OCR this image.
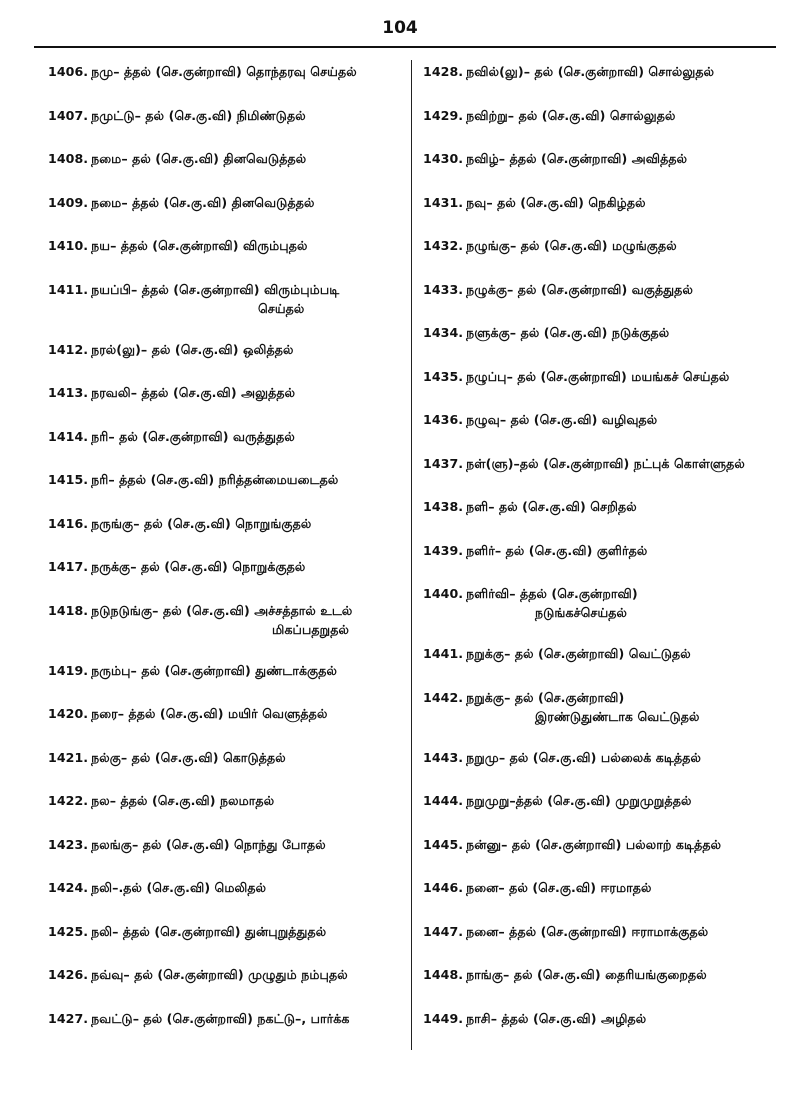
104
1406. நமு– த்தல் (செ.குன்றாவி) தொந்தரவு செய்தல்
1407. நமுட்டு– தல் (செ.கு.வி) நிமிண்டுதல்
1408. நமை– தல் (செ.கு.வி) தினவெடுத்தல்
1409. நமை– த்தல் (செ.கு.வி) தினவெடுத்தல்
1410. நய– த்தல் (செ.குன்றாவி) விரும்புதல்
1411. நயப்பி– த்தல் (செ.குன்றாவி) விரும்பும்படி
செய்தல்
1412. நரல்(லு)– தல் (செ.கு.வி) ஒலித்தல்
1413. நரவலி– த்தல் (செ.கு.வி) அலுத்தல்
1414. நரி– தல் (செ.குன்றாவி) வருத்துதல்
1415. நரி– த்தல் (செ.கு.வி) நரித்தன்மையடைதல்
1416. நருங்கு– தல் (செ.கு.வி) நொறுங்குதல்
1417. நருக்கு– தல் (செ.கு.வி) நொறுக்குதல்
1418. நடுநடுங்கு– தல் (செ.கு.வி) அச்சத்தால் உடல்
மிகப்பதறுதல்
1419. நரும்பு– தல் (செ.குன்றாவி) துண்டாக்குதல்
1420. நரை– த்தல் (செ.கு.வி) மயிர் வெளுத்தல்
1421. நல்கு– தல் (செ.கு.வி) கொடுத்தல்
1422. நல– த்தல் (செ.கு.வி) நலமாதல்
1423. நலங்கு– தல் (செ.கு.வி) நொந்து போதல்
1424. நலி–.தல் (செ.கு.வி) மெலிதல்
1425. நலி– த்தல் (செ.குன்றாவி) துன்புறுத்துதல்
1426. நவ்வு– தல் (செ.குன்றாவி) முழுதும் நம்புதல்
1427. நவட்டு– தல் (செ.குன்றாவி) நகட்டு–, பார்க்க
1428. நவில்(லு)– தல் (செ.குன்றாவி) சொல்லுதல்
1429. நவிற்று– தல் (செ.கு.வி) சொல்லுதல்
1430. நவிழ்– த்தல் (செ.குன்றாவி) அவித்தல்
1431. நவு– தல் (செ.கு.வி) நெகிழ்தல்
1432. நழுங்கு– தல் (செ.கு.வி) மழுங்குதல்
1433. நழுக்கு– தல் (செ.குன்றாவி) வகுத்துதல்
1434. நளுக்கு– தல் (செ.கு.வி) நடுக்குதல்
1435. நழுப்பு– தல் (செ.குன்றாவி) மயங்கச் செய்தல்
1436. நழுவு– தல் (செ.கு.வி) வழிவுதல்
1437. நள்(ளு)–தல் (செ.குன்றாவி) நட்புக் கொள்ளுதல்
1438. நளி– தல் (செ.கு.வி) செறிதல்
1439. நளிர்– தல் (செ.கு.வி) குளிர்தல்
1440. நளிர்வி– த்தல் (செ.குன்றாவி)
நடுங்கச்செய்தல்
1441. நறுக்கு– தல் (செ.குன்றாவி) வெட்டுதல்
1442. நறுக்கு– தல் (செ.குன்றாவி)
இரண்டுதுண்டாக வெட்டுதல்
1443. நறுமு– தல் (செ.கு.வி) பல்லைக் கடித்தல்
1444. நறுமுறு–த்தல் (செ.கு.வி) முறுமுறுத்தல்
1445. நன்னு– தல் (செ.குன்றாவி) பல்லாற் கடித்தல்
1446. நனை– தல் (செ.கு.வி) ஈரமாதல்
1447. நனை– த்தல் (செ.குன்றாவி) ஈராமாக்குதல்
1448. நாங்கு– தல் (செ.கு.வி) தைரியங்குறைதல்
1449. நாசி– த்தல் (செ.கு.வி) அழிதல்
